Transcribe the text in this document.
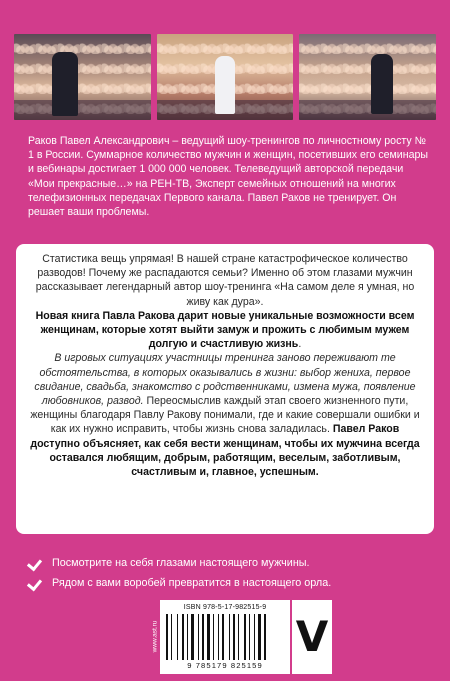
Раков Павел Александрович – ведущий шоу-тренингов по личностному росту № 1 в России. Суммарное количество мужчин и женщин, посетивших его семинары и вебинары достигает 1 000 000 человек. Телеведущий авторской передачи «Мои прекрасные…» на РЕН-ТВ, Эксперт семейных отношений на многих телефизионных передачах Первого канала. Павел Раков не тренирует. Он решает ваши проблемы.

Статистика вещь упрямая! В нашей стране катастрофическое количество разводов! Почему же распадаются семьи? Именно об этом глазами мужчин рассказывает легендарный автор шоу-тренинга «На самом деле я умная, но живу как дура».

Новая книга Павла Ракова дарит новые уникальные возможности всем женщинам, которые хотят выйти замуж и прожить с любимым мужем долгую и счастливую жизнь.

В игровых ситуациях участницы тренинга заново переживают те обстоятельства, в которых оказывались в жизни: выбор жениха, первое свидание, свадьба, знакомство с родственниками, измена мужа, появление любовников, развод. Переосмыслив каждый этап своего жизненного пути, женщины благодаря Павлу Ракову понимали, где и какие совершали ошибки и как их нужно исправить, чтобы жизнь снова заладилась. Павел Раков доступно объясняет, как себя вести женщинам, чтобы их мужчина всегда оставался любящим, добрым, работящим, веселым, заботливым, счастливым и, главное, успешным.

Посмотрите на себя глазами настоящего мужчины.
Рядом с вами воробей превратится в настоящего орла.
www.ast.ru
ISBN 978-5-17-982515-9
9 785179 825159
V
